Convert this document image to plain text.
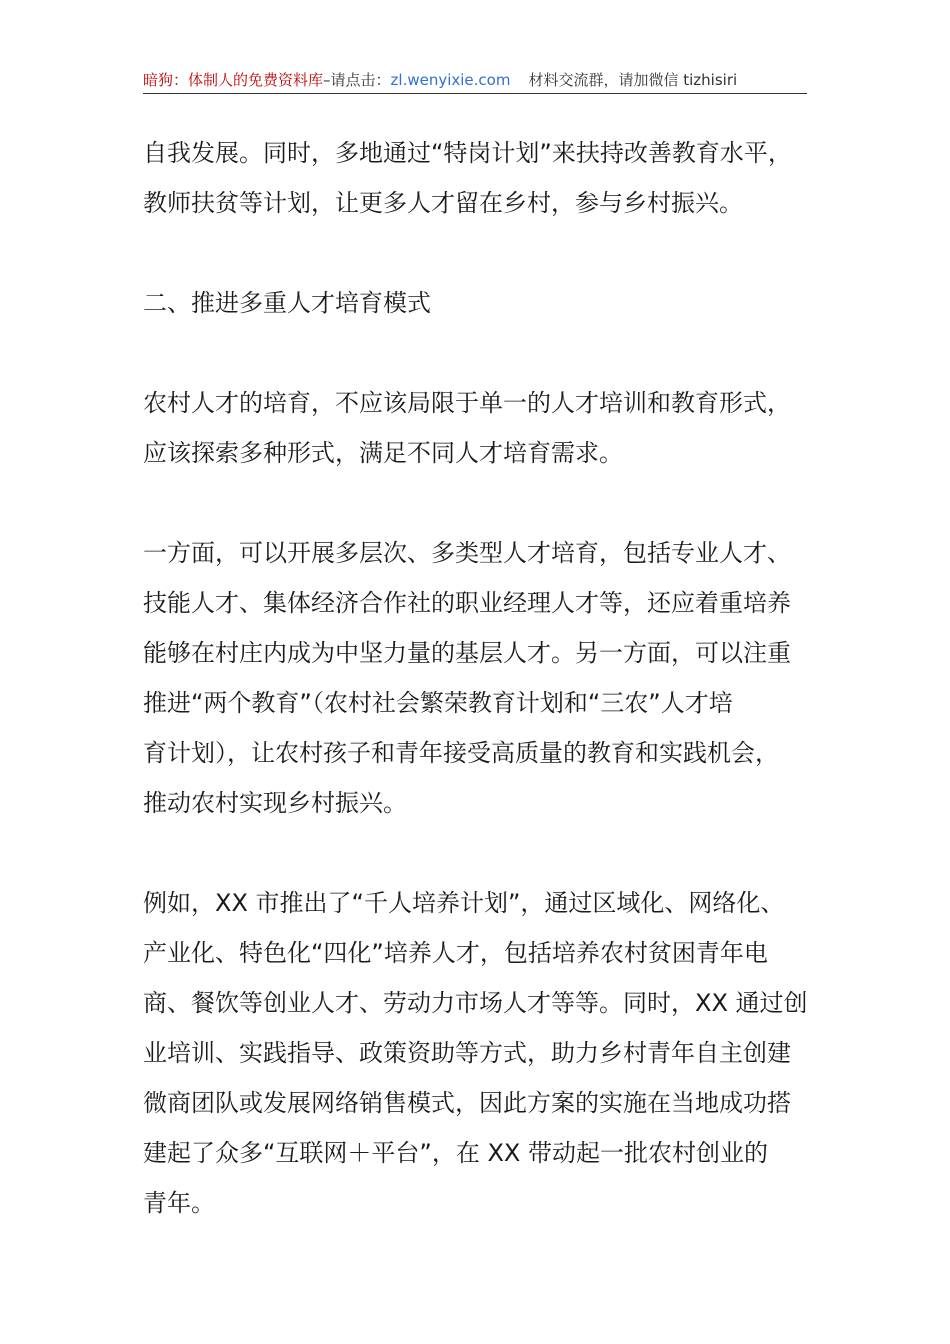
暗狗：体制人的免费资料库–请点击：zl.wenyixie.com 材料交流群，请加微信 tizhisiri
自我发展。同时，多地通过“特岗计划”来扶持改善教育水平，
教师扶贫等计划，让更多人才留在乡村，参与乡村振兴。
二、推进多重人才培育模式
农村人才的培育，不应该局限于单一的人才培训和教育形式，
应该探索多种形式，满足不同人才培育需求。
一方面，可以开展多层次、多类型人才培育，包括专业人才、
技能人才、集体经济合作社的职业经理人才等，还应着重培养
能够在村庄内成为中坚力量的基层人才。另一方面，可以注重
推进“两个教育”（农村社会繁荣教育计划和“三农”人才培
育计划），让农村孩子和青年接受高质量的教育和实践机会，
推动农村实现乡村振兴。
例如，XX 市推出了“千人培养计划”，通过区域化、网络化、
产业化、特色化“四化”培养人才，包括培养农村贫困青年电
商、餐饮等创业人才、劳动力市场人才等等。同时，XX 通过创
业培训、实践指导、政策资助等方式，助力乡村青年自主创建
微商团队或发展网络销售模式，因此方案的实施在当地成功搭
建起了众多“互联网＋平台”，在 XX 带动起一批农村创业的
青年。
